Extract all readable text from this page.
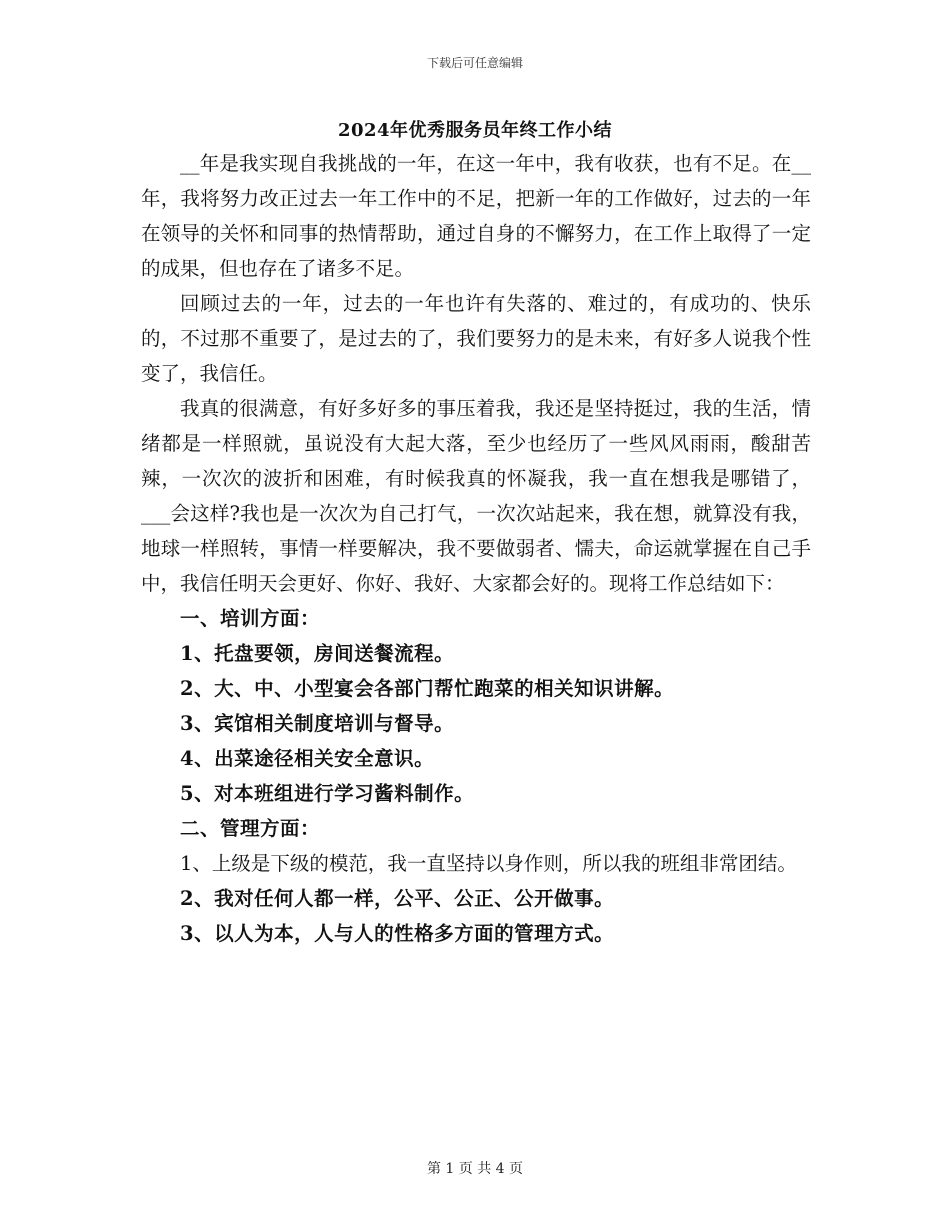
下载后可任意编辑
2024年优秀服务员年终工作小结

__年是我实现自我挑战的一年，在这一年中，我有收获，也有不足。在__年，我将努力改正过去一年工作中的不足，把新一年的工作做好，过去的一年在领导的关怀和同事的热情帮助，通过自身的不懈努力，在工作上取得了一定的成果，但也存在了诸多不足。

回顾过去的一年，过去的一年也许有失落的、难过的，有成功的、快乐的，不过那不重要了，是过去的了，我们要努力的是未来，有好多人说我个性变了，我信任。

我真的很满意，有好多好多的事压着我，我还是坚持挺过，我的生活，情绪都是一样照就，虽说没有大起大落，至少也经历了一些风风雨雨，酸甜苦辣，一次次的波折和困难，有时候我真的怀凝我，我一直在想我是哪错了，___会这样?我也是一次次为自己打气，一次次站起来，我在想，就算没有我，地球一样照转，事情一样要解决，我不要做弱者、懦夫，命运就掌握在自己手中，我信任明天会更好、你好、我好、大家都会好的。现将工作总结如下：

一、培训方面：

1、托盘要领，房间送餐流程。

2、大、中、小型宴会各部门帮忙跑菜的相关知识讲解。

3、宾馆相关制度培训与督导。

4、出菜途径相关安全意识。

5、对本班组进行学习酱料制作。

二、管理方面：

1、上级是下级的模范，我一直坚持以身作则，所以我的班组非常团结。

2、我对任何人都一样，公平、公正、公开做事。

3、以人为本，人与人的性格多方面的管理方式。

第 1 页 共 4 页
